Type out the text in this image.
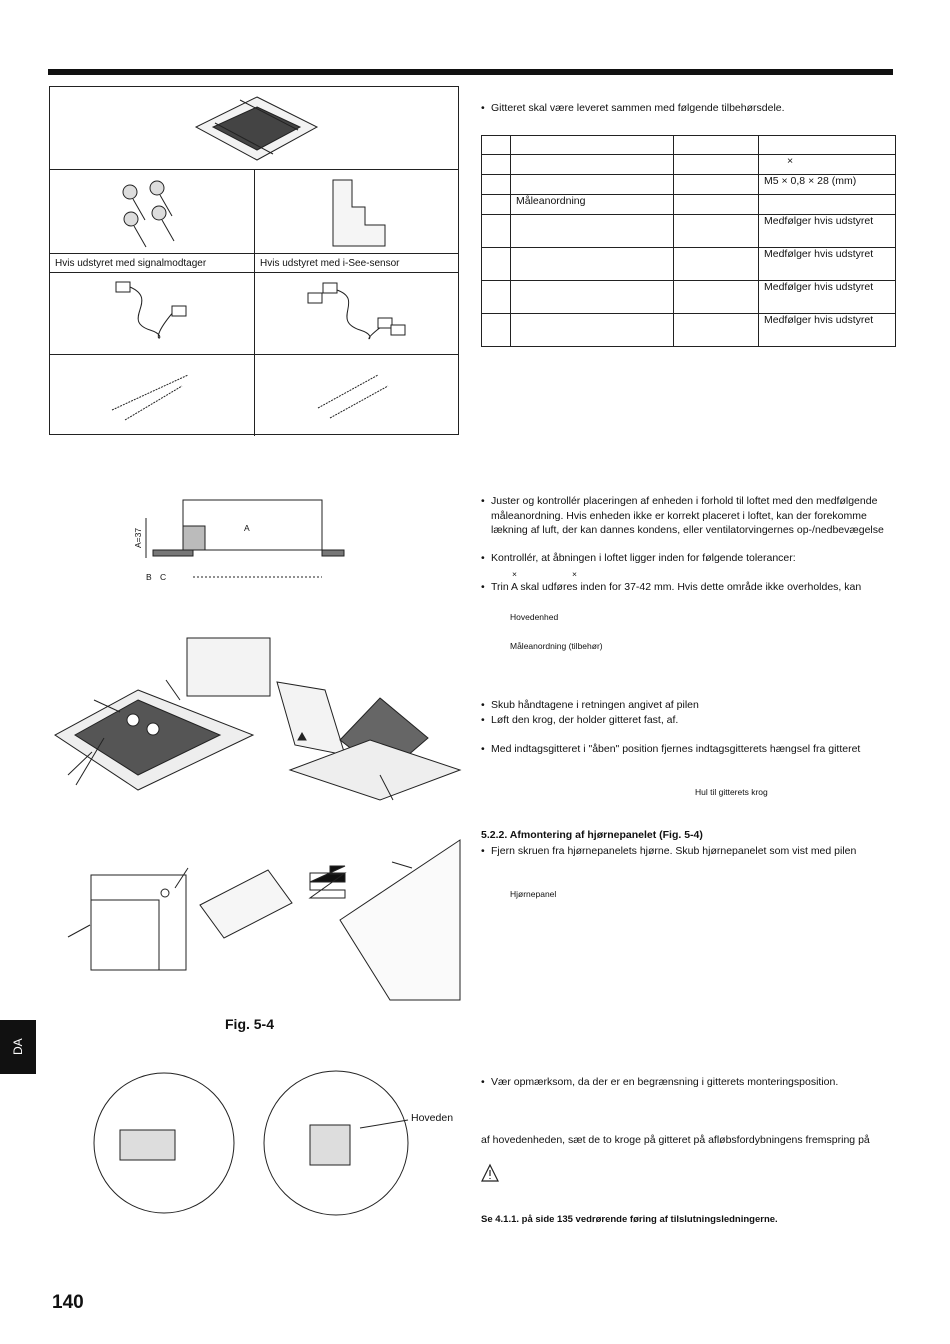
Hvis udstyret med signalmodtager	Hvis udstyret med i-See-sensor
A
B C
A=37
• Gitteret skal være leveret sammen med følgende tilbehørsdele.

			×
			M5 × 0,8 × 28 (mm)
	Måleanordning		
			Medfølger hvis udstyret
			Medfølger hvis udstyret
			Medfølger hvis udstyret
			Medfølger hvis udstyret
• Juster og kontrollér placeringen af enheden i forhold til loftet med den medfølgende
måleanordning. Hvis enheden ikke er korrekt placeret i loftet, kan der forekomme
lækning af luft, der kan dannes kondens, eller ventilatorvingernes op-/nedbevægelse
• Kontrollér, at åbningen i loftet ligger inden for følgende tolerancer:
×	×
• Trin A skal udføres inden for 37-42 mm. Hvis dette område ikke overholdes, kan
Hovedenhed
Måleanordning (tilbehør)
• Skub håndtagene i retningen angivet af pilen
• Løft den krog, der holder gitteret fast, af.
• Med indtagsgitteret i "åben" position fjernes indtagsgitterets hængsel fra gitteret
Hul til gitterets krog
5.2.2. Afmontering af hjørnepanelet (Fig. 5-4)
• Fjern skruen fra hjørnepanelets hjørne. Skub hjørnepanelet som vist med pilen
Hjørnepanel
Fig. 5-4
• Vær opmærksom, da der er en begrænsning i gitterets monteringsposition.
af hovedenheden, sæt de to kroge på gitteret på afløbsfordybningens fremspring på
Hoveden
Se 4.1.1. på side 135 vedrørende føring af tilslutningsledningerne.
DA
140
